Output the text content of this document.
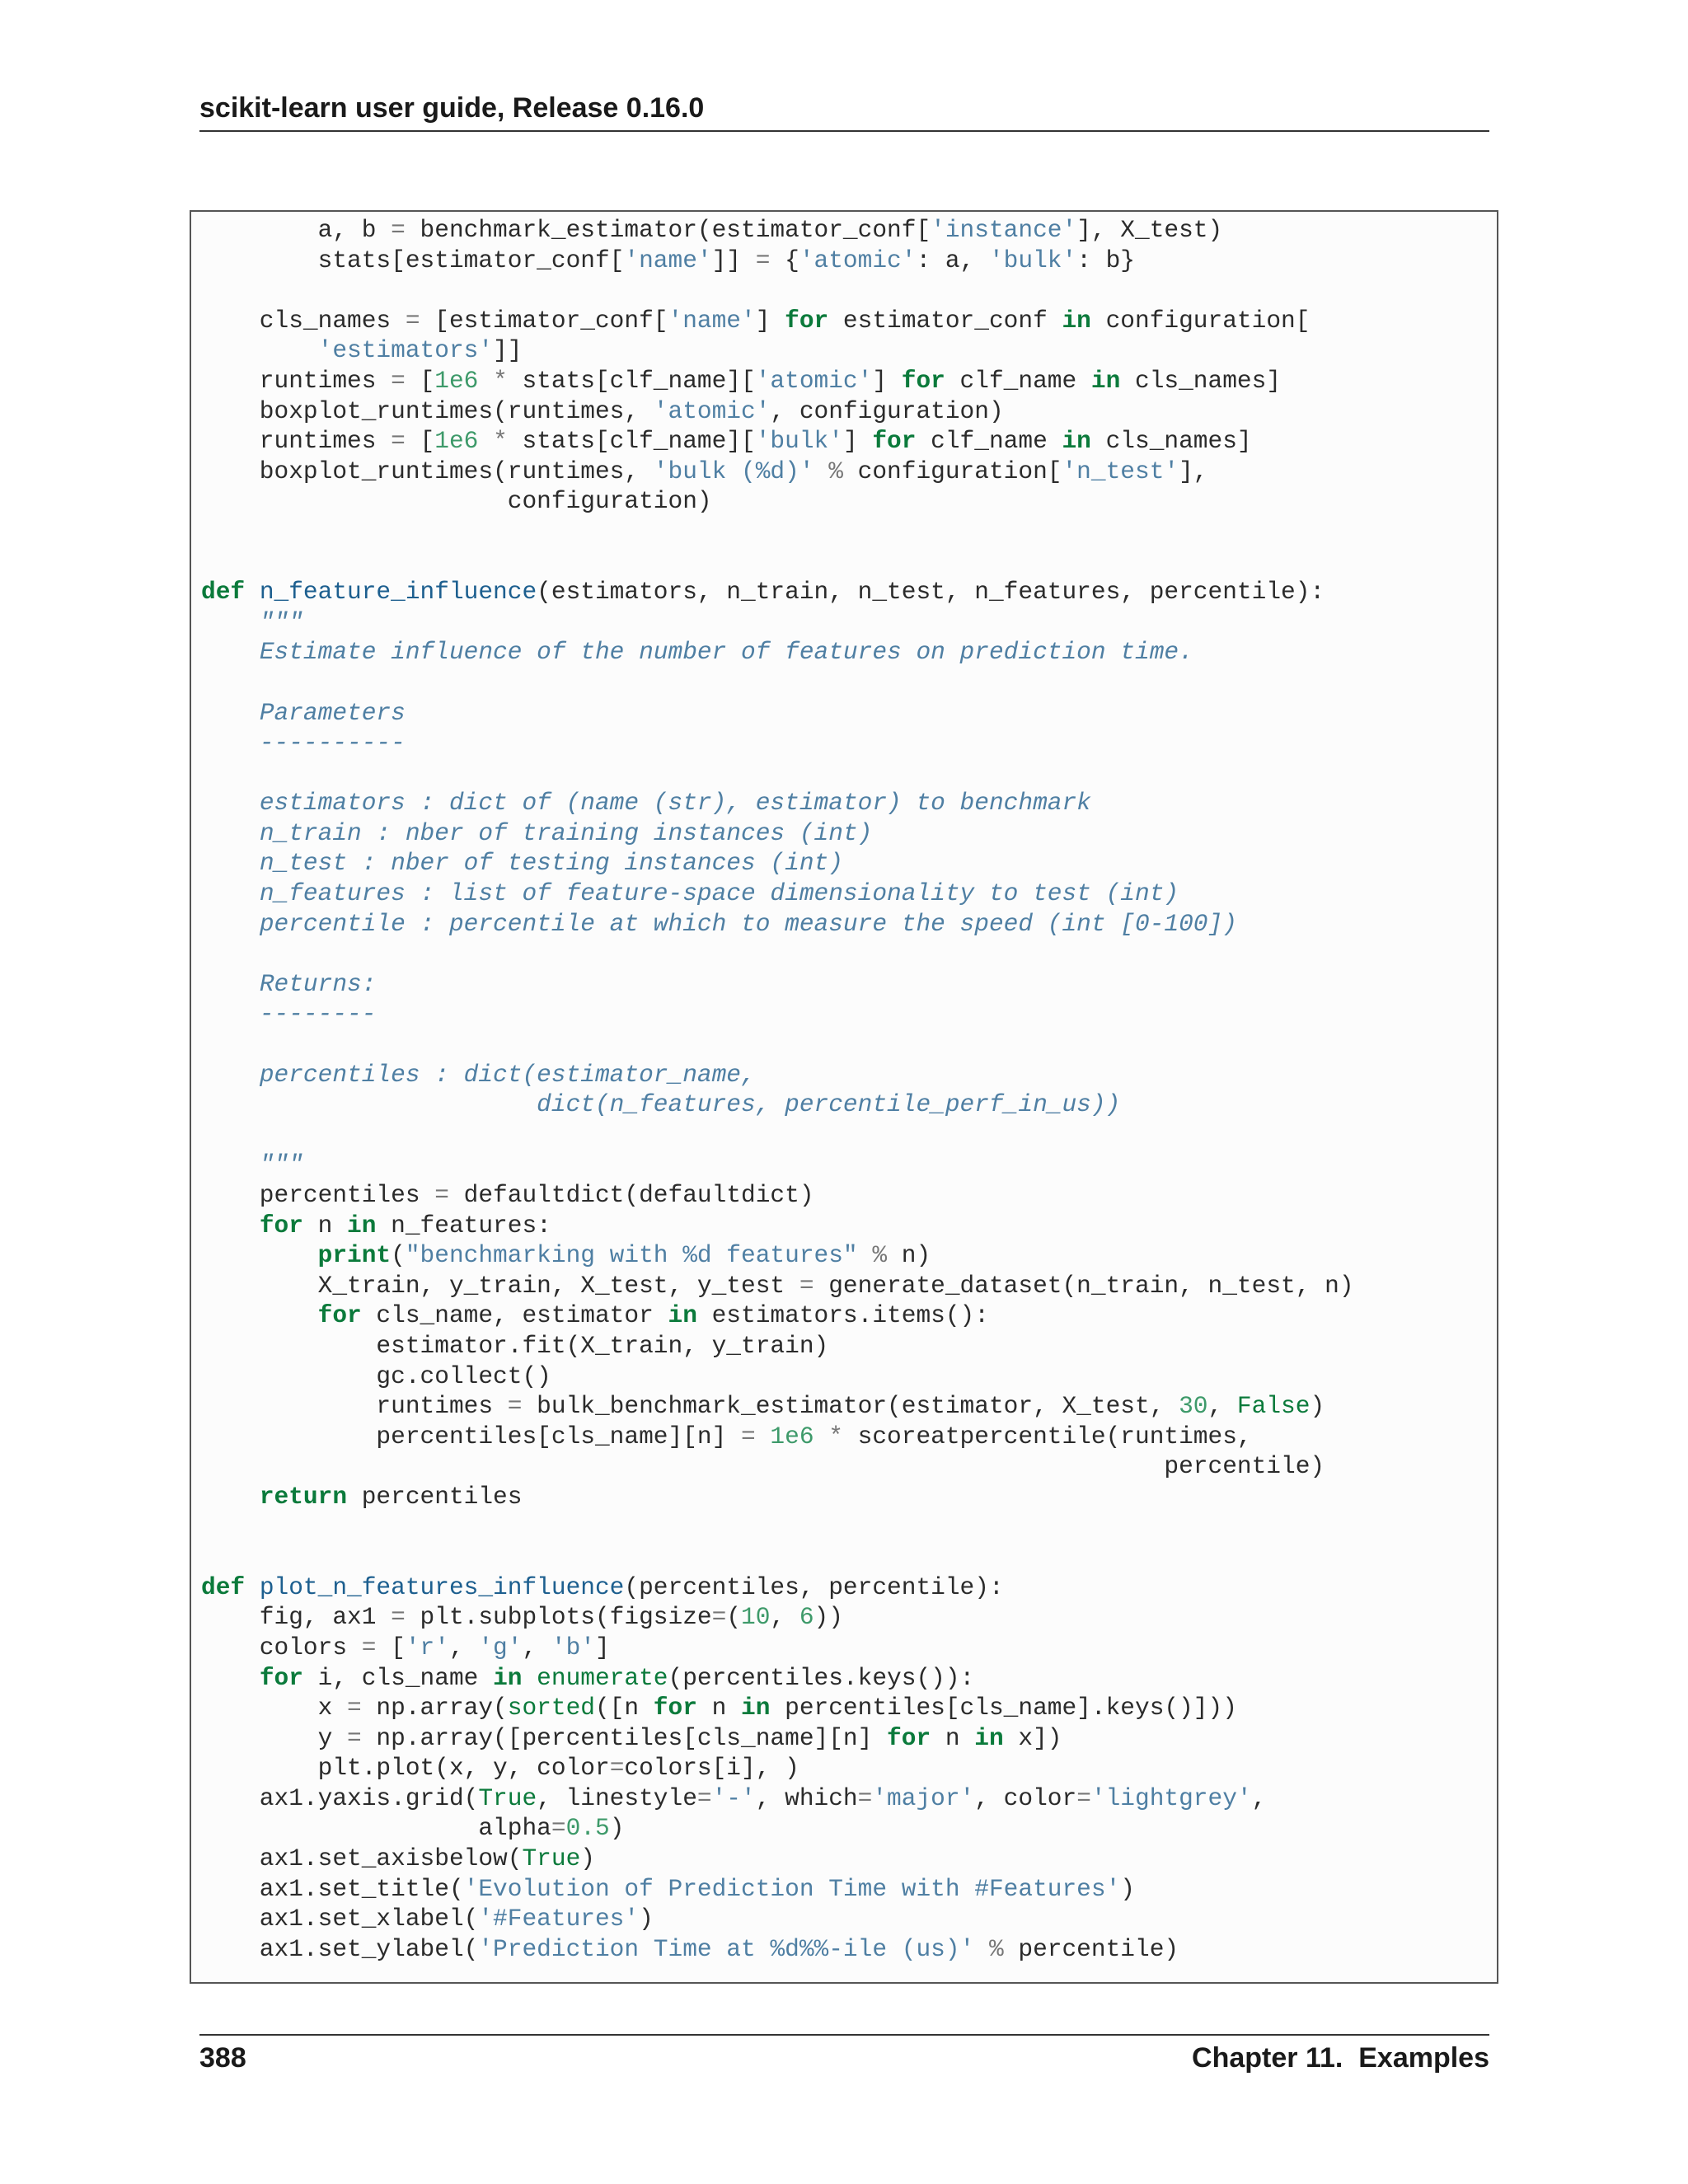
scikit-learn user guide, Release 0.16.0
a, b = benchmark_estimator(estimator_conf['instance'], X_test)
stats[estimator_conf['name']] = {'atomic': a, 'bulk': b}
cls_names = [estimator_conf['name'] for estimator_conf in configuration[
'estimators']]
runtimes = [1e6 * stats[clf_name]['atomic'] for clf_name in cls_names]
boxplot_runtimes(runtimes, 'atomic', configuration)
runtimes = [1e6 * stats[clf_name]['bulk'] for clf_name in cls_names]
boxplot_runtimes(runtimes, 'bulk (%d)' % configuration['n_test'],
configuration)
def n_feature_influence(estimators, n_train, n_test, n_features, percentile):
"""
Estimate influence of the number of features on prediction time.
Parameters
----------
estimators : dict of (name (str), estimator) to benchmark
n_train : nber of training instances (int)
n_test : nber of testing instances (int)
n_features : list of feature-space dimensionality to test (int)
percentile : percentile at which to measure the speed (int [0-100])
Returns:
--------
percentiles : dict(estimator_name,
dict(n_features, percentile_perf_in_us))
"""
percentiles = defaultdict(defaultdict)
for n in n_features:
print("benchmarking with %d features" % n)
X_train, y_train, X_test, y_test = generate_dataset(n_train, n_test, n)
for cls_name, estimator in estimators.items():
estimator.fit(X_train, y_train)
gc.collect()
runtimes = bulk_benchmark_estimator(estimator, X_test, 30, False)
percentiles[cls_name][n] = 1e6 * scoreatpercentile(runtimes,
percentile)
return percentiles
def plot_n_features_influence(percentiles, percentile):
fig, ax1 = plt.subplots(figsize=(10, 6))
colors = ['r', 'g', 'b']
for i, cls_name in enumerate(percentiles.keys()):
x = np.array(sorted([n for n in percentiles[cls_name].keys()]))
y = np.array([percentiles[cls_name][n] for n in x])
plt.plot(x, y, color=colors[i], )
ax1.yaxis.grid(True, linestyle='-', which='major', color='lightgrey',
alpha=0.5)
ax1.set_axisbelow(True)
ax1.set_title('Evolution of Prediction Time with #Features')
ax1.set_xlabel('#Features')
ax1.set_ylabel('Prediction Time at %d%%-ile (us)' % percentile)
388	Chapter 11.  Examples
